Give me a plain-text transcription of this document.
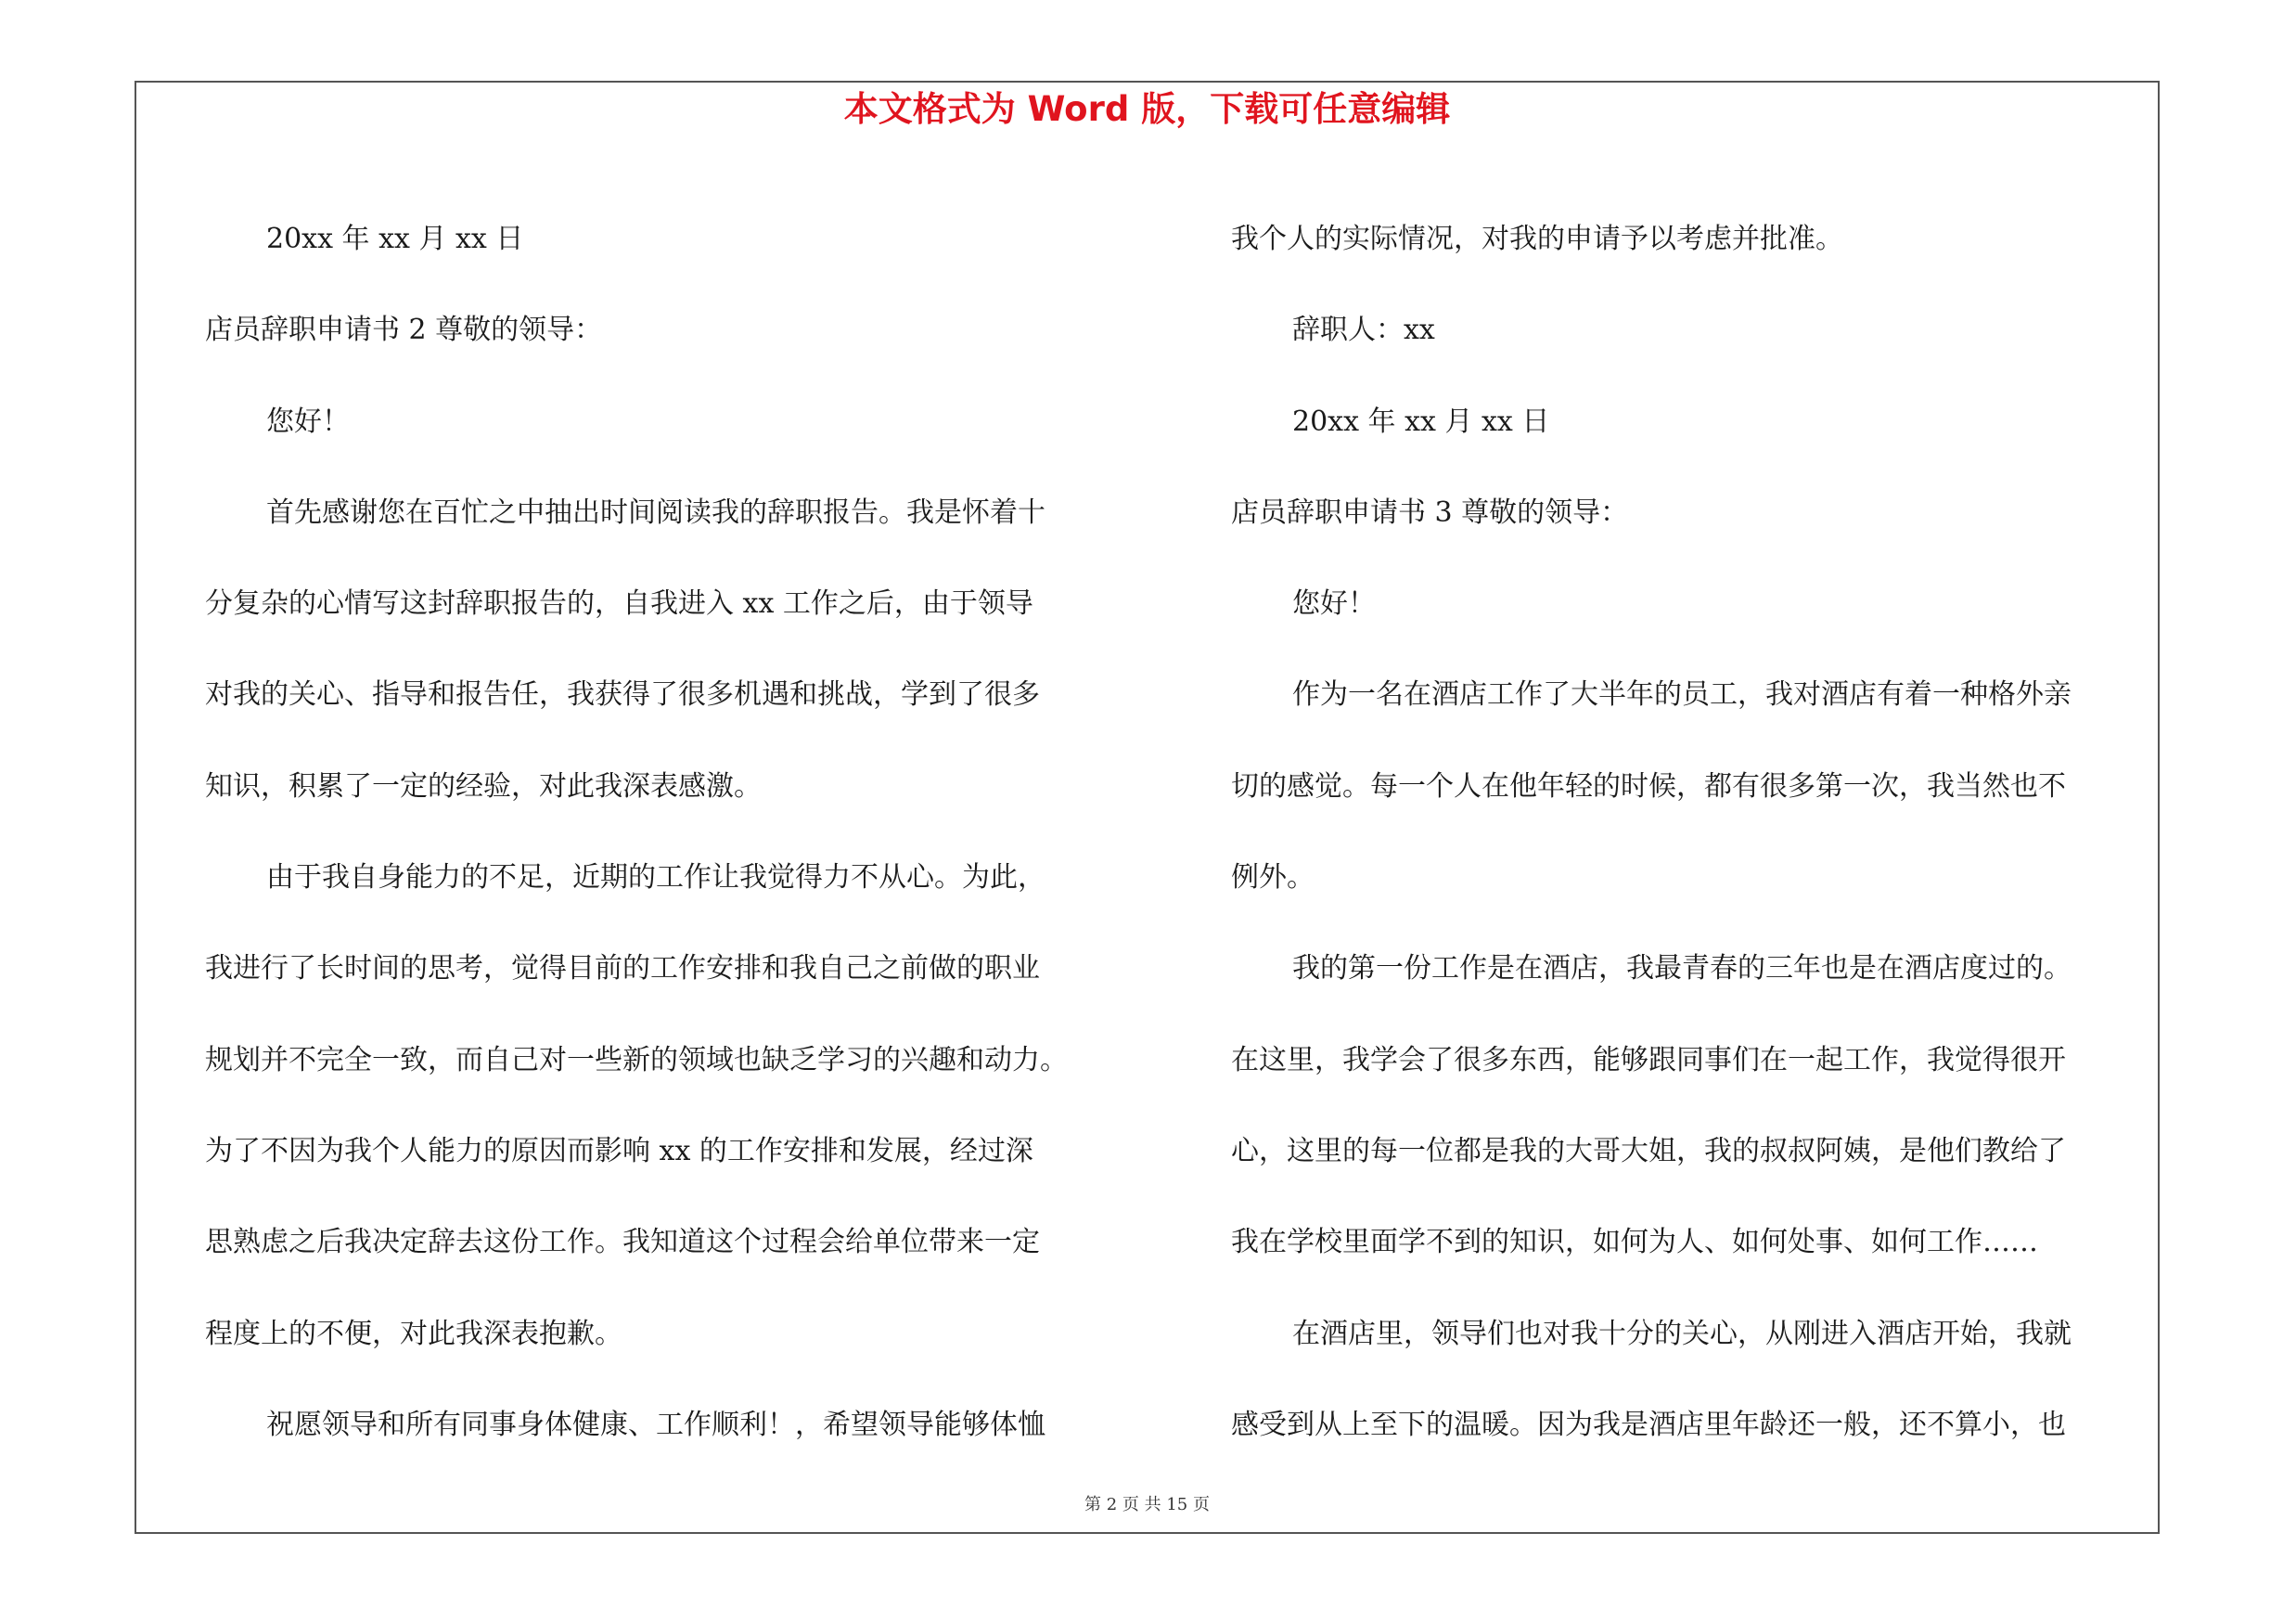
本文格式为 Word 版，下载可任意编辑
20xx 年 xx 月 xx 日
店员辞职申请书 2 尊敬的领导：
您好！
首先感谢您在百忙之中抽出时间阅读我的辞职报告。我是怀着十
分复杂的心情写这封辞职报告的，自我进入 xx 工作之后，由于领导
对我的关心、指导和报告任，我获得了很多机遇和挑战，学到了很多
知识，积累了一定的经验，对此我深表感激。
由于我自身能力的不足，近期的工作让我觉得力不从心。为此，
我进行了长时间的思考，觉得目前的工作安排和我自己之前做的职业
规划并不完全一致，而自己对一些新的领域也缺乏学习的兴趣和动力。
为了不因为我个人能力的原因而影响 xx 的工作安排和发展，经过深
思熟虑之后我决定辞去这份工作。我知道这个过程会给单位带来一定
程度上的不便，对此我深表抱歉。
祝愿领导和所有同事身体健康、工作顺利！，希望领导能够体恤
我个人的实际情况，对我的申请予以考虑并批准。
辞职人：xx
20xx 年 xx 月 xx 日
店员辞职申请书 3 尊敬的领导：
您好！
作为一名在酒店工作了大半年的员工，我对酒店有着一种格外亲
切的感觉。每一个人在他年轻的时候，都有很多第一次，我当然也不
例外。
我的第一份工作是在酒店，我最青春的三年也是在酒店度过的。
在这里，我学会了很多东西，能够跟同事们在一起工作，我觉得很开
心，这里的每一位都是我的大哥大姐，我的叔叔阿姨，是他们教给了
我在学校里面学不到的知识，如何为人、如何处事、如何工作……
在酒店里，领导们也对我十分的关心，从刚进入酒店开始，我就
感受到从上至下的温暖。因为我是酒店里年龄还一般，还不算小，也
第 2 页 共 15 页
